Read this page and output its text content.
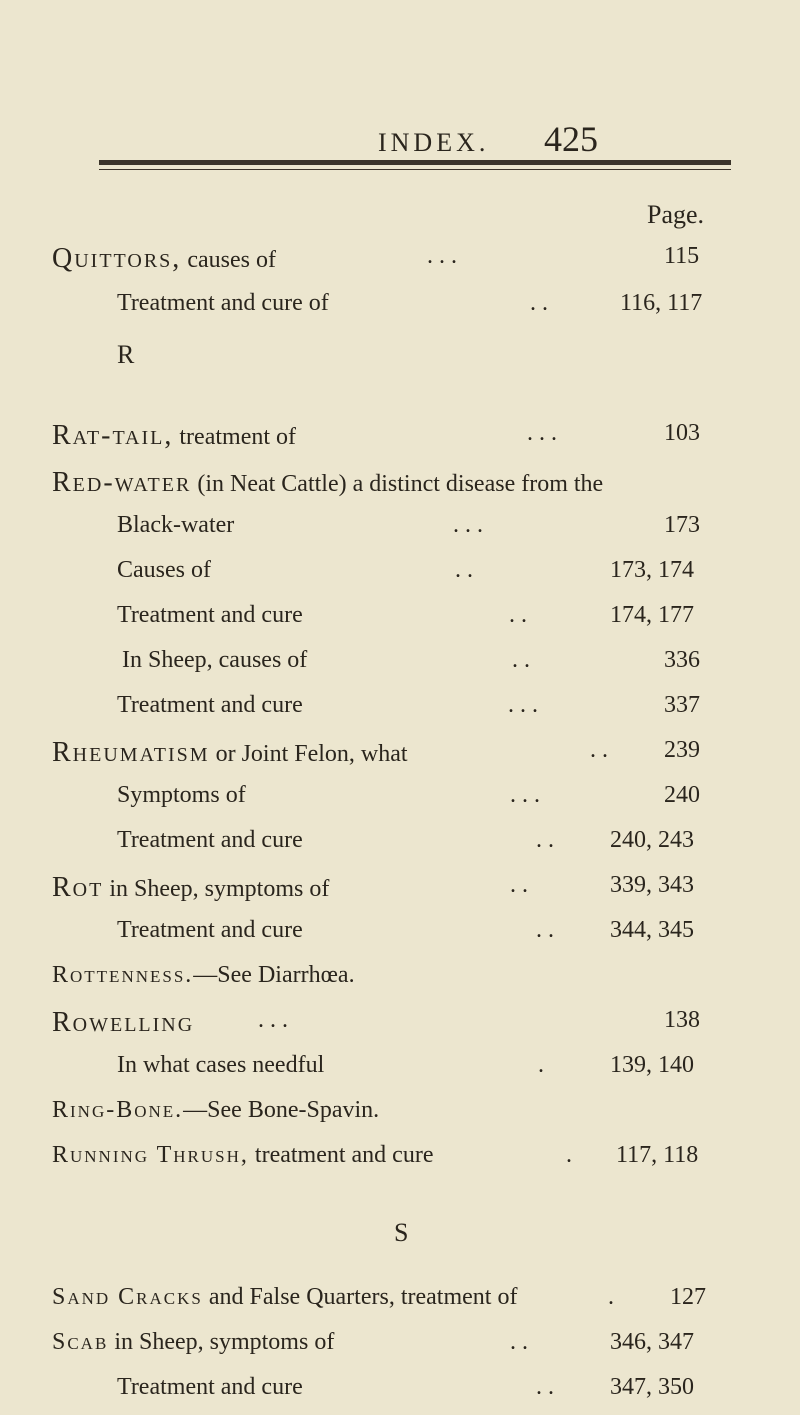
INDEX. 425
Page.
Quittors, causes of	. . .	115
Treatment and cure of	. .	116, 117
R
Rat-tail, treatment of	. . .	103
Red-water (in Neat Cattle) a distinct disease from the
Black-water	. . .	173
Causes of	. .	173, 174
Treatment and cure	. .	174, 177
In Sheep, causes of	. .	336
Treatment and cure	. . .	337
Rheumatism or Joint Felon, what	. . 239
Symptoms of	. . .	240
Treatment and cure	. . 240, 243
Rot in Sheep, symptoms of	. .	339, 343
Treatment and cure	. . 344, 345
Rottenness.—See Diarrhœa.
Rowelling	. . .	138
In what cases needful	.	139, 140
Ring-Bone.—See Bone-Spavin.
Running Thrush, treatment and cure	. 117, 118
S
Sand Cracks and False Quarters, treatment of	. 127
Scab in Sheep, symptoms of	. .	346, 347
Treatment and cure	. . 347, 350
